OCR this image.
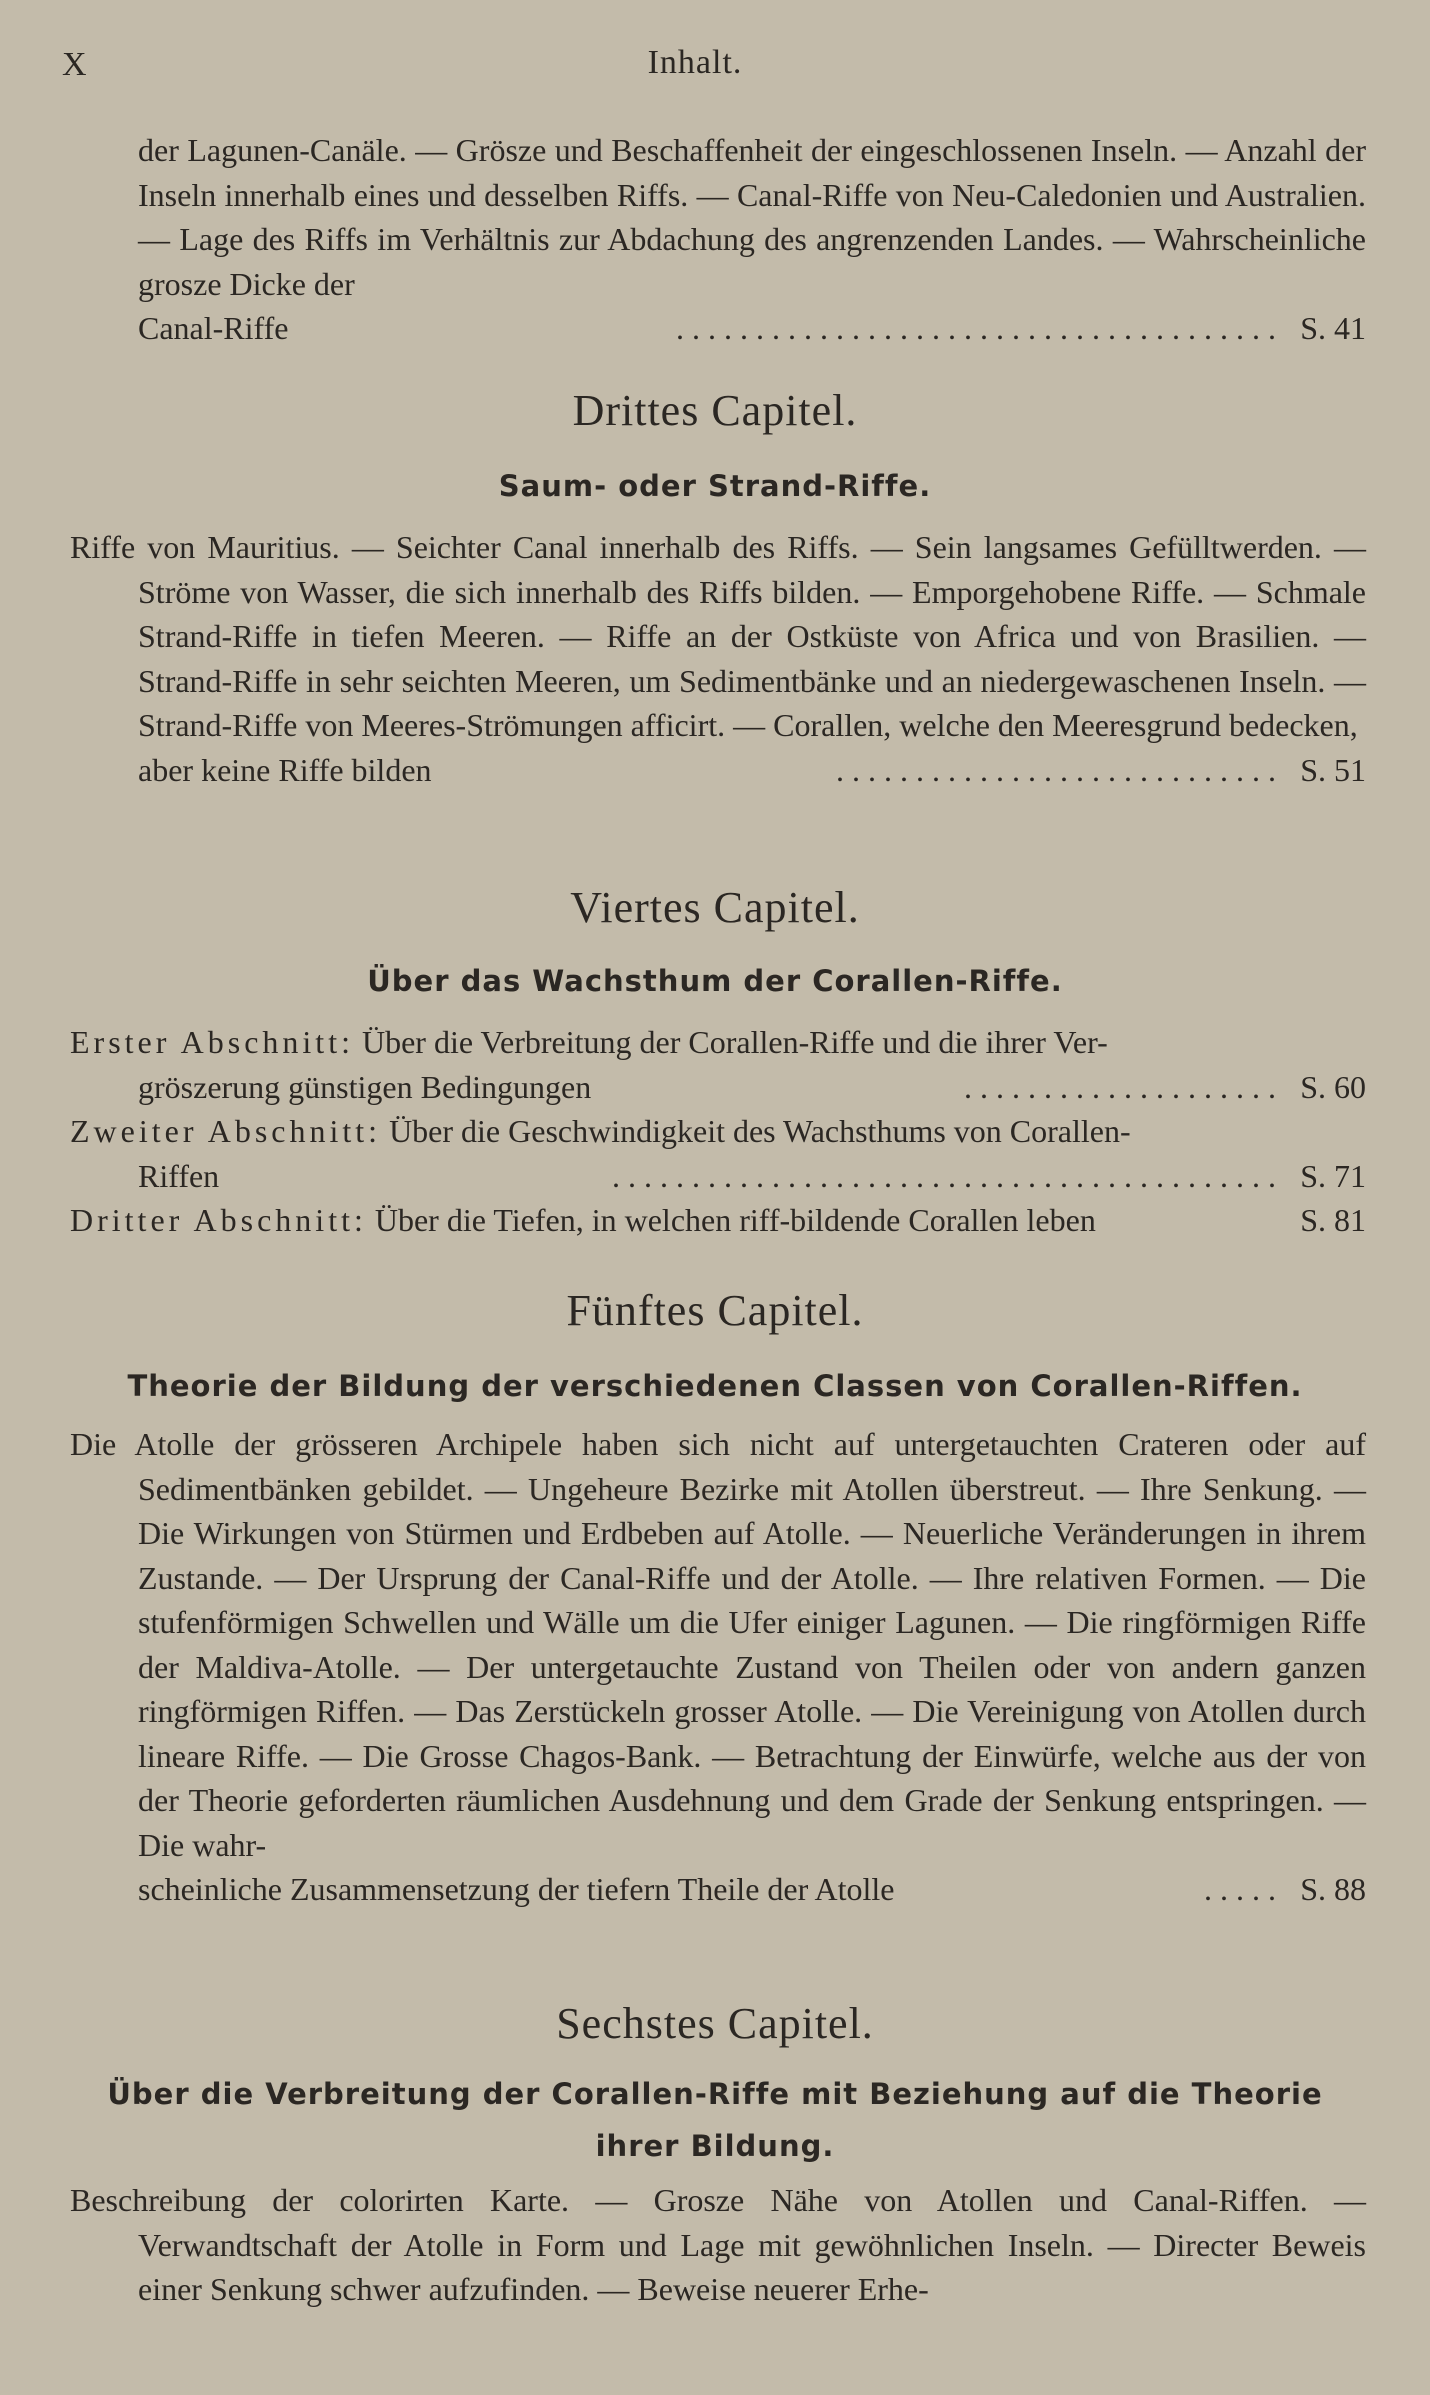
X	Inhalt.
der Lagunen-Canäle. — Grösze und Beschaffenheit der eingeschlossenen Inseln. — Anzahl der Inseln innerhalb eines und desselben Riffs. — Canal-Riffe von Neu-Caledonien und Australien. — Lage des Riffs im Verhältnis zur Abdachung des angrenzenden Landes. — Wahrscheinliche grosze Dicke der
Canal-Riffe	. . . . . . . . . . . . . . . . . . . . . . . . . . . . . . . . . . . . . . S. 41
Drittes Capitel.
Saum- oder Strand-Riffe.
Riffe von Mauritius. — Seichter Canal innerhalb des Riffs. — Sein langsames Gefülltwerden. — Ströme von Wasser, die sich innerhalb des Riffs bilden. — Emporgehobene Riffe. — Schmale Strand-Riffe in tiefen Meeren. — Riffe an der Ostküste von Africa und von Brasilien. — Strand-Riffe in sehr seichten Meeren, um Sedimentbänke und an niedergewaschenen Inseln. — Strand-Riffe von Meeres-Strömungen afficirt. — Corallen, welche den Meeresgrund bedecken,
aber keine Riffe bilden	. . . . . . . . . . . . . . . . . . . . . . . . . . . . S. 51
Viertes Capitel.
Über das Wachsthum der Corallen-Riffe.
Erster Abschnitt: Über die Verbreitung der Corallen-Riffe und die ihrer Ver-
gröszerung günstigen Bedingungen	. . . . . . . . . . . . . . . . . . . . S. 60
Zweiter Abschnitt: Über die Geschwindigkeit des Wachsthums von Corallen-
Riffen	. . . . . . . . . . . . . . . . . . . . . . . . . . . . . . . . . . . . . . . . . . S. 71
Dritter Abschnitt: Über die Tiefen, in welchen riff-bildende Corallen leben	S. 81
Fünftes Capitel.
Theorie der Bildung der verschiedenen Classen von Corallen-Riffen.
Die Atolle der grösseren Archipele haben sich nicht auf untergetauchten Crateren oder auf Sedimentbänken gebildet. — Ungeheure Bezirke mit Atollen überstreut. — Ihre Senkung. — Die Wirkungen von Stürmen und Erdbeben auf Atolle. — Neuerliche Veränderungen in ihrem Zustande. — Der Ursprung der Canal-Riffe und der Atolle. — Ihre relativen Formen. — Die stufenförmigen Schwellen und Wälle um die Ufer einiger Lagunen. — Die ringförmigen Riffe der Maldiva-Atolle. — Der untergetauchte Zustand von Theilen oder von andern ganzen ringförmigen Riffen. — Das Zerstückeln grosser Atolle. — Die Vereinigung von Atollen durch lineare Riffe. — Die Grosse Chagos-Bank. — Betrachtung der Einwürfe, welche aus der von der Theorie geforderten räumlichen Ausdehnung und dem Grade der Senkung entspringen. — Die wahr-
scheinliche Zusammensetzung der tiefern Theile der Atolle	. . . . . S. 88
Sechstes Capitel.
Über die Verbreitung der Corallen-Riffe mit Beziehung auf die Theorie ihrer Bildung.
Beschreibung der colorirten Karte. — Grosze Nähe von Atollen und Canal-Riffen. — Verwandtschaft der Atolle in Form und Lage mit gewöhnlichen Inseln. — Directer Beweis einer Senkung schwer aufzufinden. — Beweise neuerer Erhe-
